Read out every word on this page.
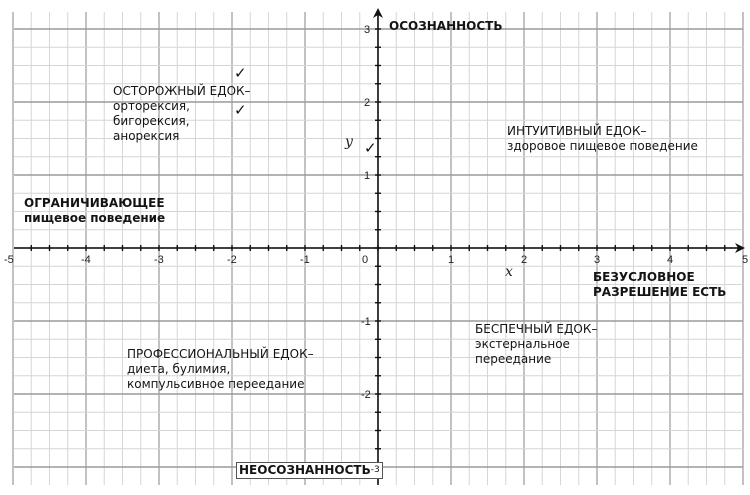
-5	-4	-3	-2	-1	0	1	2	3	4	5
3
2
1
-1
-2
x
y
ОСОЗНАННОСТЬ
$НЕОСОЗНАННОСТЬ^{-3}$
БЕЗУСЛОВНОЕ
РАЗРЕШЕНИЕ ЕСТЬ
ОГРАНИЧИВАЮЩЕЕ
пищевое поведение
ОСТОРОЖНЫЙ ЕДОК–
орторексия,
бигорексия,
анорексия	ИНТУИТИВНЫЙ ЕДОК–
здоровое пищевое поведение
ПРОФЕССИОНАЛЬНЫЙ ЕДОК–
диета, булимия,
компульсивное переедание
БЕСПЕЧНЫЙ ЕДОК–
экстернальное
переедание
✓
✓
✓
